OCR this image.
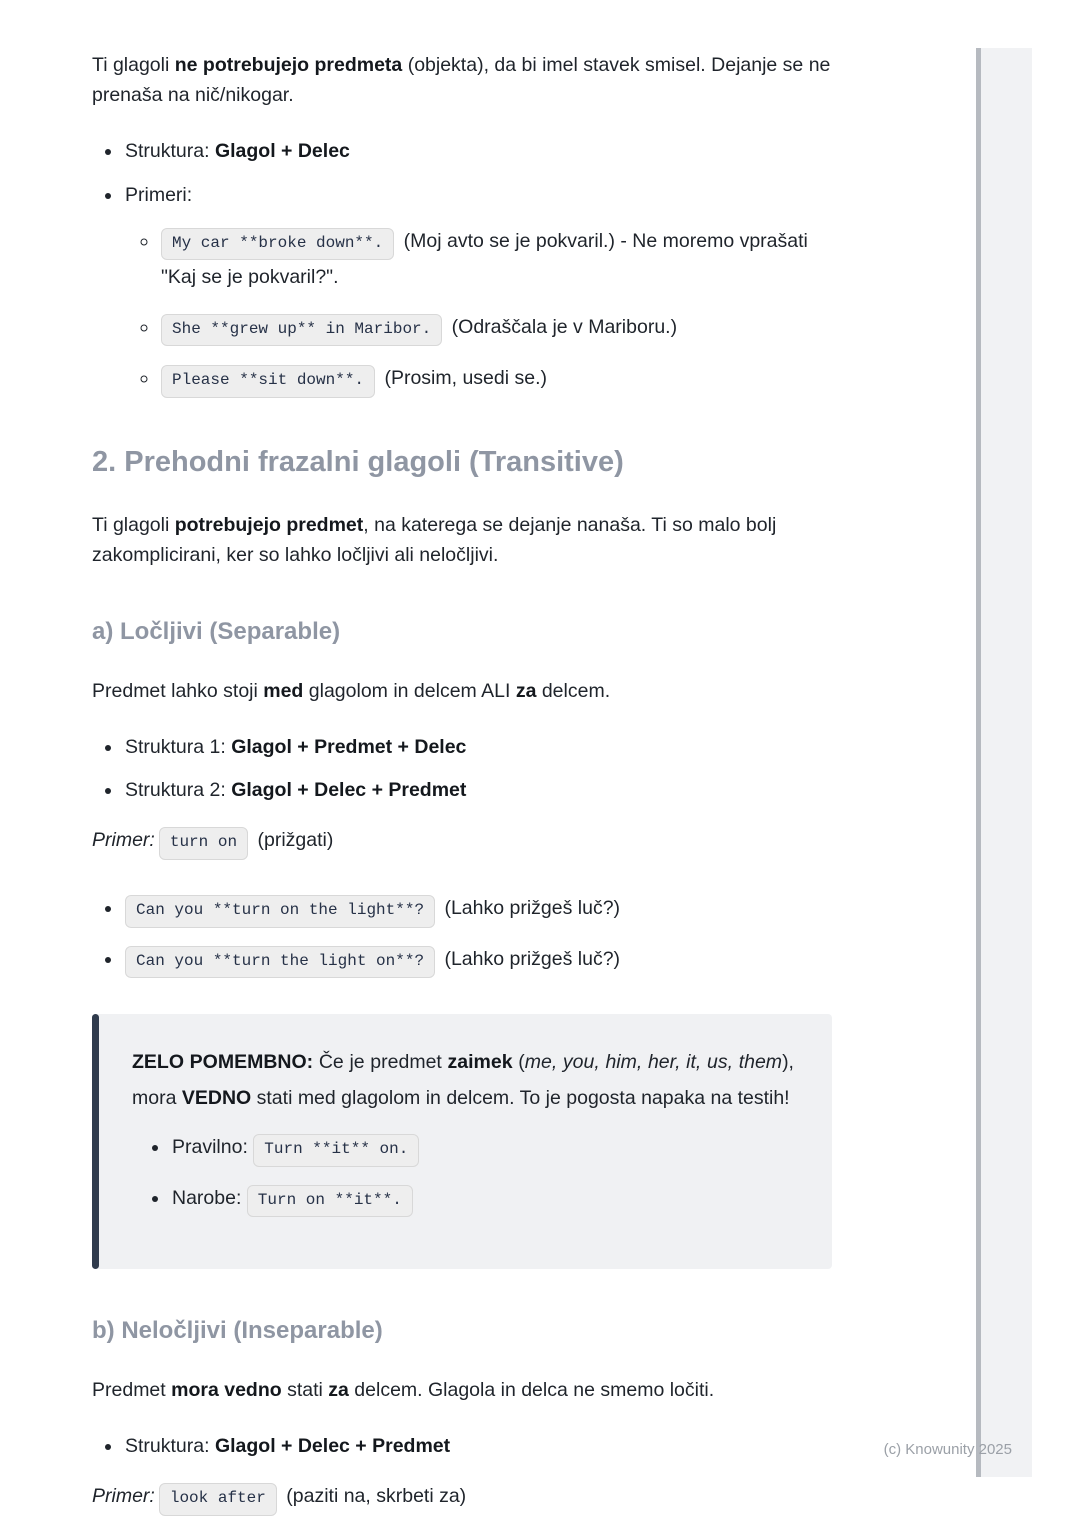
Ti glagoli ne potrebujejo predmeta (objekta), da bi imel stavek smisel. Dejanje se ne prenaša na nič/nikogar.

• Struktura: Glagol + Delec
• Primeri:
◦ My car **broke down**. (Moj avto se je pokvaril.) - Ne moremo vprašati "Kaj se je pokvaril?".
◦ She **grew up** in Maribor. (Odraščala je v Mariboru.)
◦ Please **sit down**. (Prosim, usedi se.)
2. Prehodni frazalni glagoli (Transitive)

Ti glagoli potrebujejo predmet, na katerega se dejanje nanaša. Ti so malo bolj zakomplicirani, ker so lahko ločljivi ali neločljivi.

a) Ločljivi (Separable)

Predmet lahko stoji med glagolom in delcem ALI za delcem.

• Struktura 1: Glagol + Predmet + Delec
• Struktura 2: Glagol + Delec + Predmet

Primer: turn on (prižgati)

• Can you **turn on the light**? (Lahko prižgeš luč?)
• Can you **turn the light on**? (Lahko prižgeš luč?)

ZELO POMEMBNO: Če je predmet zaimek (me, you, him, her, it, us, them), mora VEDNO stati med glagolom in delcem. To je pogosta napaka na testih!

• Pravilno: Turn **it** on.
• Narobe: Turn on **it**.
b) Neločljivi (Inseparable)

Predmet mora vedno stati za delcem. Glagola in delca ne smemo ločiti.

• Struktura: Glagol + Delec + Predmet

Primer: look after (paziti na, skrbeti za)

(c) Knowunity 2025
